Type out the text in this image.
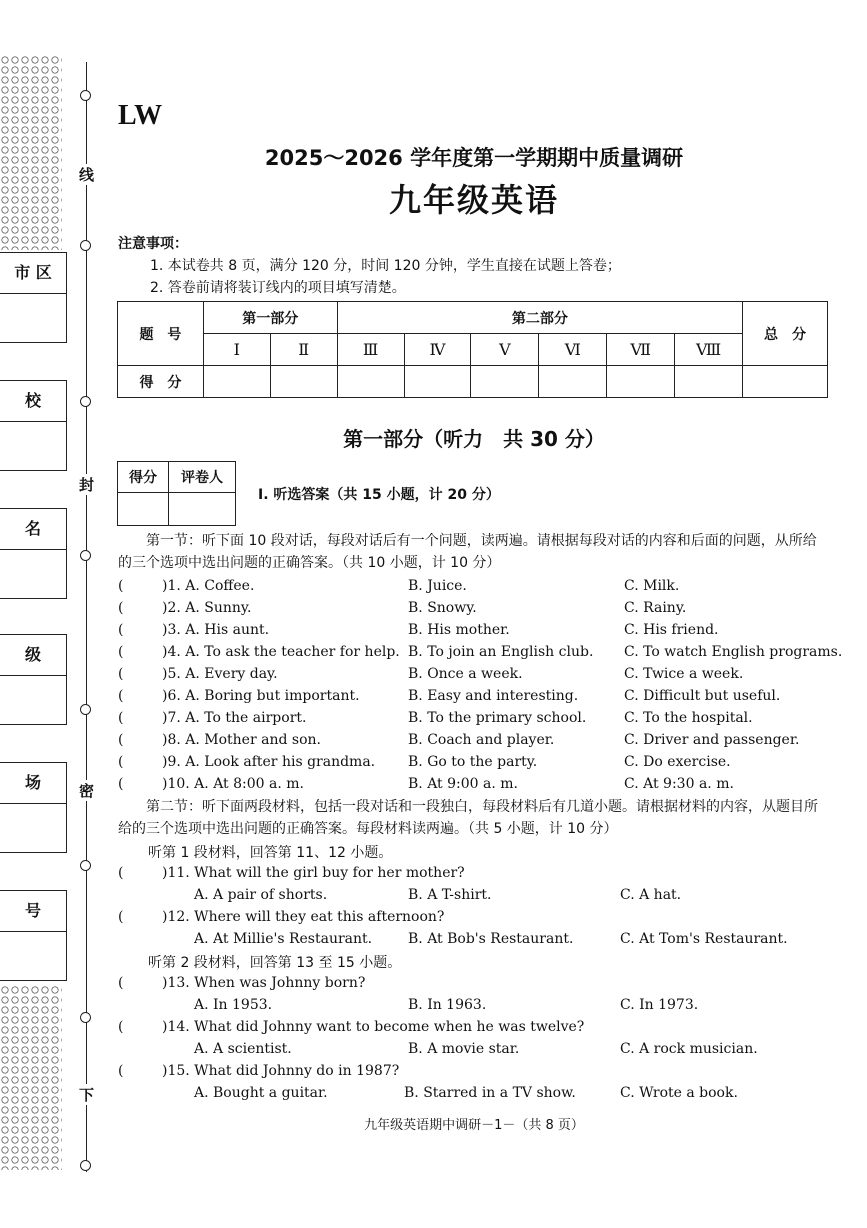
市 区
校
名
级
场
号
线
封
密
下
LW
2025～2026 学年度第一学期期中质量调研
九年级英语
注意事项：
1. 本试卷共 8 页，满分 120 分，时间 120 分钟，学生直接在试题上答卷；
2. 答卷前请将装订线内的项目填写清楚。
题　号	第一部分		第二部分						总　分
	Ⅰ	Ⅱ	Ⅲ	Ⅳ	Ⅴ	Ⅵ	Ⅶ	Ⅷ	
得　分									
第一部分（听力　共 30 分）
得分	评卷人

Ⅰ. 听选答案（共 15 小题，计 20 分）
第一节：听下面 10 段对话，每段对话后有一个问题，读两遍。请根据每段对话的内容和后面的问题，从所给的三个选项中选出问题的正确答案。（共 10 小题，计 10 分）
(	)1. A. Coffee.	B. Juice.	C. Milk.
(	)2. A. Sunny.	B. Snowy.	C. Rainy.
(	)3. A. His aunt.	B. His mother.	C. His friend.
(	)4. A. To ask the teacher for help. B. To join an English club. C. To watch English programs.
(	)5. A. Every day.	B. Once a week.	C. Twice a week.
(	)6. A. Boring but important.	B. Easy and interesting.	C. Difficult but useful.
(	)7. A. To the airport.	B. To the primary school.	C. To the hospital.
(	)8. A. Mother and son.	B. Coach and player.	C. Driver and passenger.
(	)9. A. Look after his grandma. B. Go to the party.	C. Do exercise.
(	)10. A. At 8:00 a. m.	B. At 9:00 a. m.	C. At 9:30 a. m.
第二节：听下面两段材料，包括一段对话和一段独白，每段材料后有几道小题。请根据材料的内容，从题目所给的三个选项中选出问题的正确答案。每段材料读两遍。（共 5 小题，计 10 分）
听第 1 段材料，回答第 11、12 小题。
(	)11. What will the girl buy for her mother?
A. A pair of shorts.	B. A T-shirt.	C. A hat.
(	)12. Where will they eat this afternoon?
A. At Millie's Restaurant.	B. At Bob's Restaurant.	C. At Tom's Restaurant.
听第 2 段材料，回答第 13 至 15 小题。
(	)13. When was Johnny born?
A. In 1953.	B. In 1963.	C. In 1973.
(	)14. What did Johnny want to become when he was twelve?
A. A scientist.	B. A movie star.	C. A rock musician.
(	)15. What did Johnny do in 1987?
A. Bought a guitar.	B. Starred in a TV show.	C. Wrote a book.
九年级英语期中调研－1－（共 8 页）
